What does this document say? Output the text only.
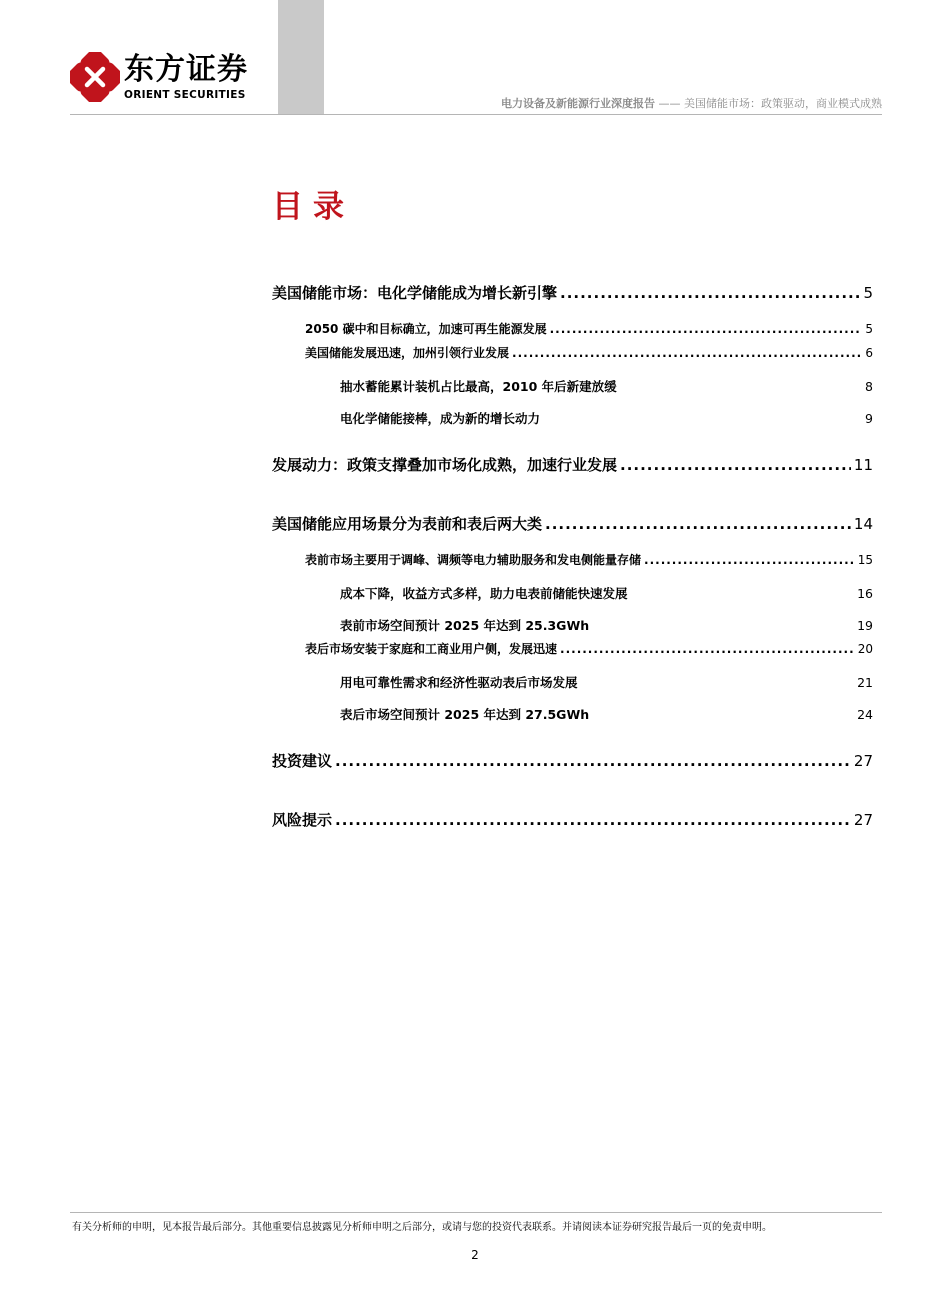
东方证券
ORIENT SECURITIES
电力设备及新能源行业深度报告 —— 美国储能市场：政策驱动，商业模式成熟
目录
美国储能市场：电化学储能成为增长新引擎 .....	5
2050 碳中和目标确立，加速可再生能源发展 .....	5
美国储能发展迅速，加州引领行业发展 .....	6
抽水蓄能累计装机占比最高，2010 年后新建放缓	8
电化学储能接棒，成为新的增长动力	9
发展动力：政策支撑叠加市场化成熟，加速行业发展 .....	11
美国储能应用场景分为表前和表后两大类 .....	14
表前市场主要用于调峰、调频等电力辅助服务和发电侧能量存储 .....	15
成本下降，收益方式多样，助力电表前储能快速发展	16
表前市场空间预计 2025 年达到 25.3GWh	19
表后市场安装于家庭和工商业用户侧，发展迅速 .....	20
用电可靠性需求和经济性驱动表后市场发展	21
表后市场空间预计 2025 年达到 27.5GWh	24
投资建议 .....	27
风险提示 .....	27
有关分析师的申明，见本报告最后部分。其他重要信息披露见分析师申明之后部分，或请与您的投资代表联系。并请阅读本证券研究报告最后一页的免责申明。
2
